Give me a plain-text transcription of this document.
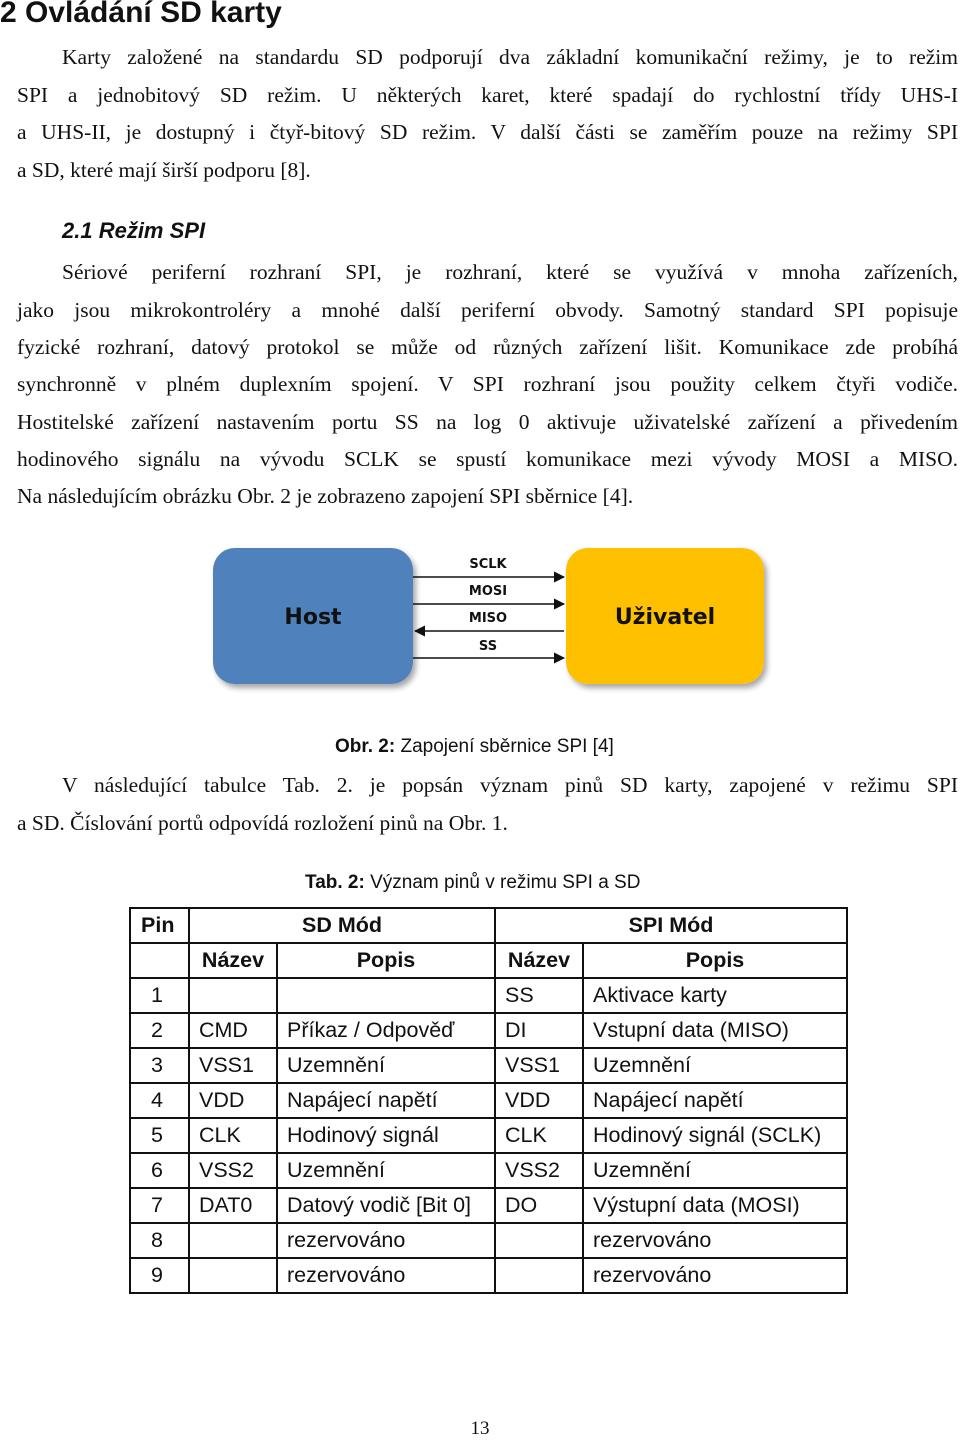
2 Ovládání SD karty
Karty založené na standardu SD podporují dva základní komunikační režimy, je to režim
SPI a jednobitový SD režim. U některých karet, které spadají do rychlostní třídy UHS-I
a UHS-II, je dostupný i čtyř-bitový SD režim. V další části se zaměřím pouze na režimy SPI
a SD, které mají širší podporu [8].
2.1 Režim SPI
Sériové periferní rozhraní SPI, je rozhraní, které se využívá v mnoha zařízeních,
jako jsou mikrokontroléry a mnohé další periferní obvody. Samotný standard SPI popisuje
fyzické rozhraní, datový protokol se může od různých zařízení lišit. Komunikace zde probíhá
synchronně v plném duplexním spojení. V SPI rozhraní jsou použity celkem čtyři vodiče.
Hostitelské zařízení nastavením portu SS na log 0 aktivuje uživatelské zařízení a přivedením
hodinového signálu na vývodu SCLK se spustí komunikace mezi vývody MOSI a MISO.
Na následujícím obrázku Obr. 2 je zobrazeno zapojení SPI sběrnice [4].
Host	Uživatel
SCLK
MOSI
MISO
SS
Obr. 2: Zapojení sběrnice SPI [4]
V následující tabulce Tab. 2. je popsán význam pinů SD karty, zapojené v režimu SPI
a SD. Číslování portů odpovídá rozložení pinů na Obr. 1.
Tab. 2: Význam pinů v režimu SPI a SD
Pin	SD Mód		SPI Mód	
	Název	Popis	Název	Popis
1			SS	Aktivace karty
2	CMD	Příkaz / Odpověď	DI	Vstupní data (MISO)
3	VSS1	Uzemnění	VSS1	Uzemnění
4	VDD	Napájecí napětí	VDD	Napájecí napětí
5	CLK	Hodinový signál	CLK	Hodinový signál (SCLK)
6	VSS2	Uzemnění	VSS2	Uzemnění
7	DAT0	Datový vodič [Bit 0]	DO	Výstupní data (MOSI)
8		rezervováno		rezervováno
9		rezervováno		rezervováno
13
